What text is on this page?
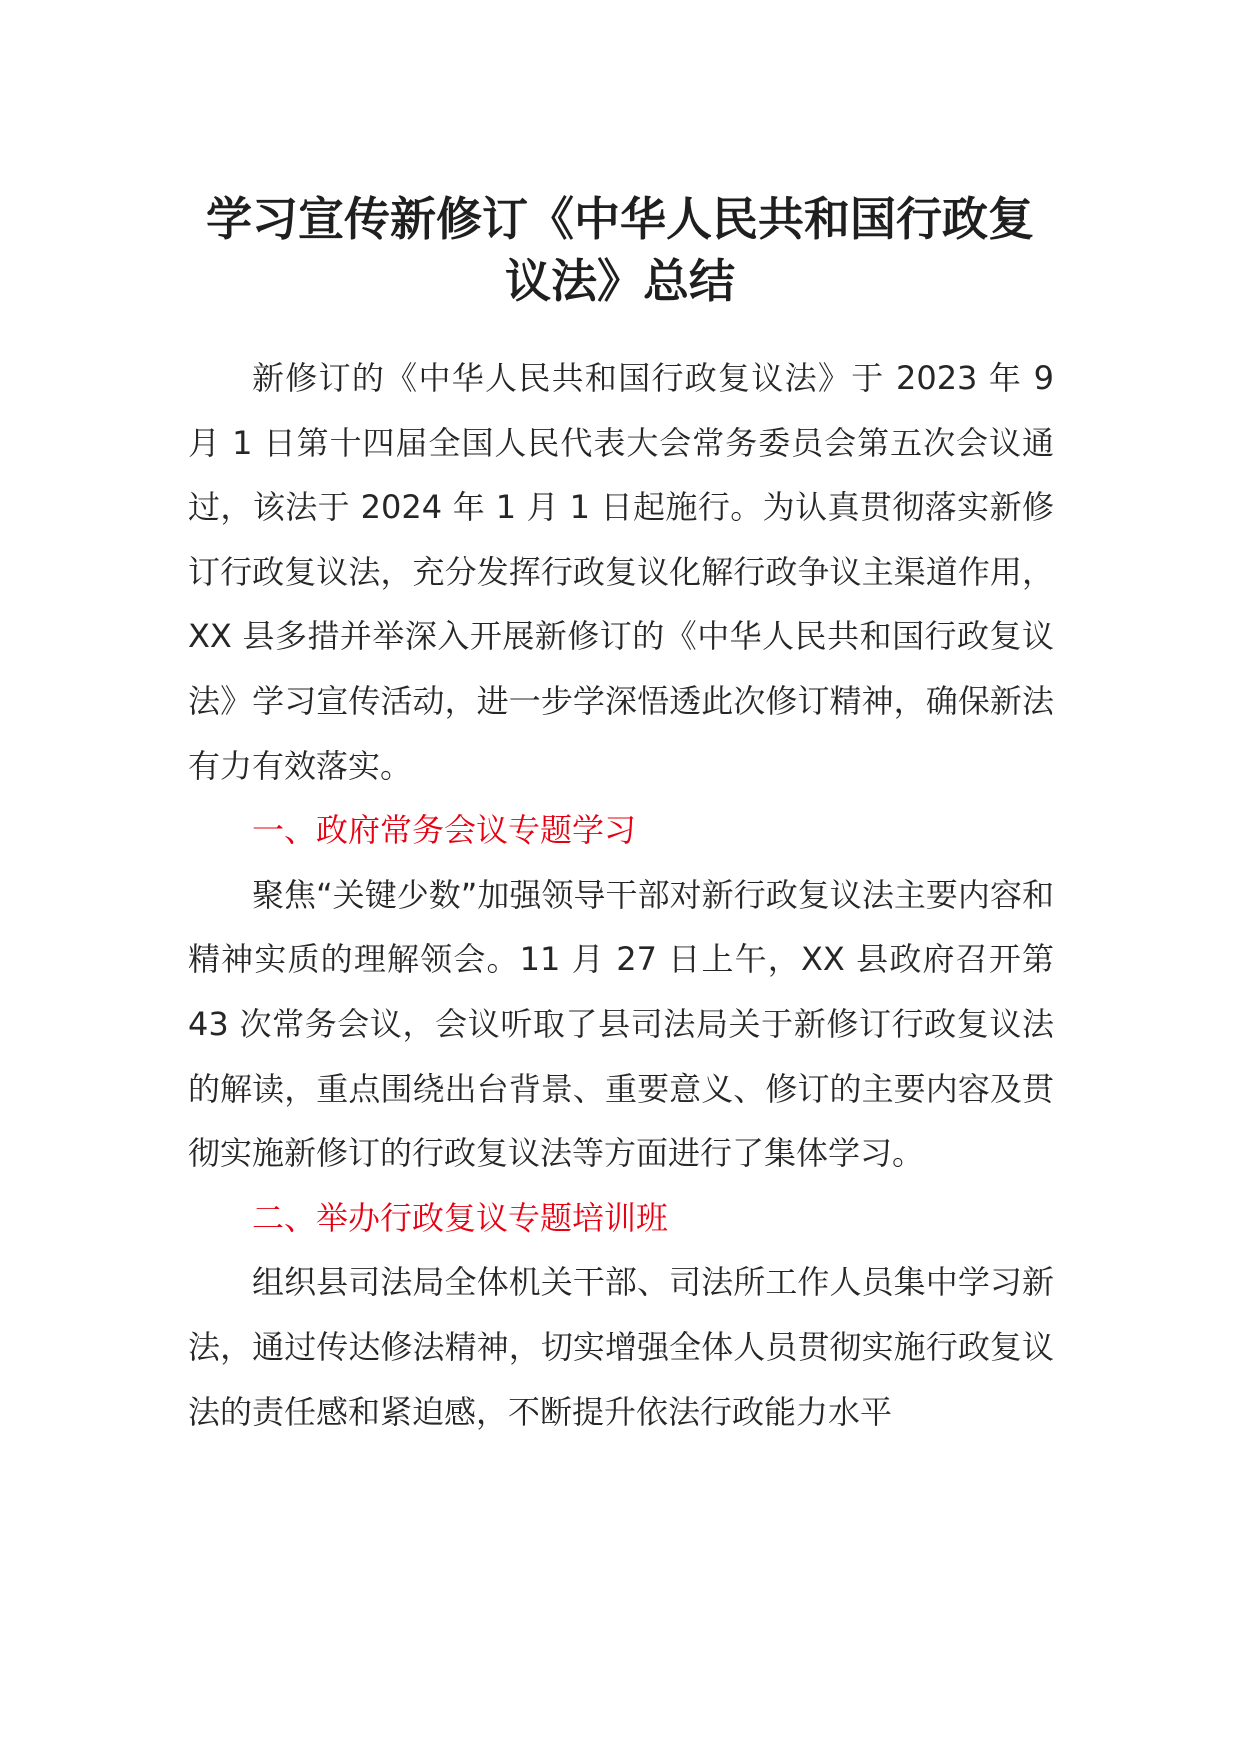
学习宣传新修订《中华人民共和国行政复
议法》总结

新修订的《中华人民共和国行政复议法》于 2023 年 9 月 1 日第十四届全国人民代表大会常务委员会第五次会议通过，该法于 2024 年 1 月 1 日起施行。为认真贯彻落实新修订行政复议法，充分发挥行政复议化解行政争议主渠道作用，XX 县多措并举深入开展新修订的《中华人民共和国行政复议法》学习宣传活动，进一步学深悟透此次修订精神，确保新法有力有效落实。

一、政府常务会议专题学习

聚焦“关键少数”加强领导干部对新行政复议法主要内容和精神实质的理解领会。11 月 27 日上午，XX 县政府召开第 43 次常务会议，会议听取了县司法局关于新修订行政复议法的解读，重点围绕出台背景、重要意义、修订的主要内容及贯彻实施新修订的行政复议法等方面进行了集体学习。

二、举办行政复议专题培训班

组织县司法局全体机关干部、司法所工作人员集中学习新法，通过传达修法精神，切实增强全体人员贯彻实施行政复议法的责任感和紧迫感，不断提升依法行政能力水平
